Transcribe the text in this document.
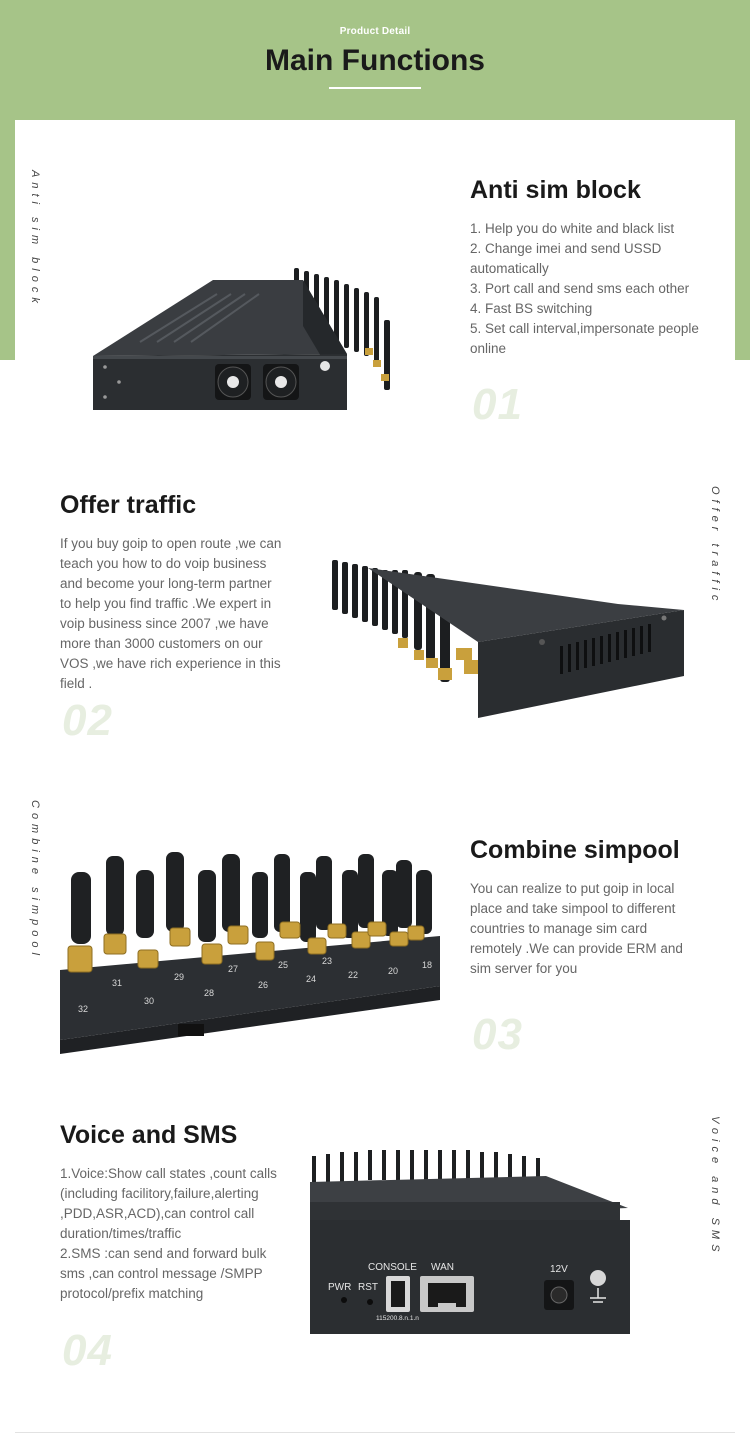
Product Detail
Main Functions
Anti sim block	Anti sim block

1. Help you do white and black list

2. Change imei and send USSD automatically

3. Port call and send sms each other

4. Fast BS switching

5. Set call interval,impersonate people online

01
Offer traffic

If you buy goip to open route ,we can teach you how to do voip business and become your long-term partner to help you find traffic .We expert in voip business since 2007 ,we have more than 3000 customers on our VOS ,we have rich experience in this field .

02
Offer traffic
Combine simpool
32
31
30
29
28
27
26
25
24
23
22	20
18
Combine simpool

You can realize to put goip in local place and take simpool to different countries to manage sim card remotely .We can provide ERM and sim server for you

03
Voice and SMS

1.Voice:Show call states ,count calls (including facilitory,failure,alerting ,PDD,ASR,ACD),can control call duration/times/traffic

2.SMS :can send and forward bulk sms ,can control message /SMPP protocol/prefix matching

04
PWR RST
CONSOLE WAN	12V
115200.8.n.1.n
Voice and SMS
